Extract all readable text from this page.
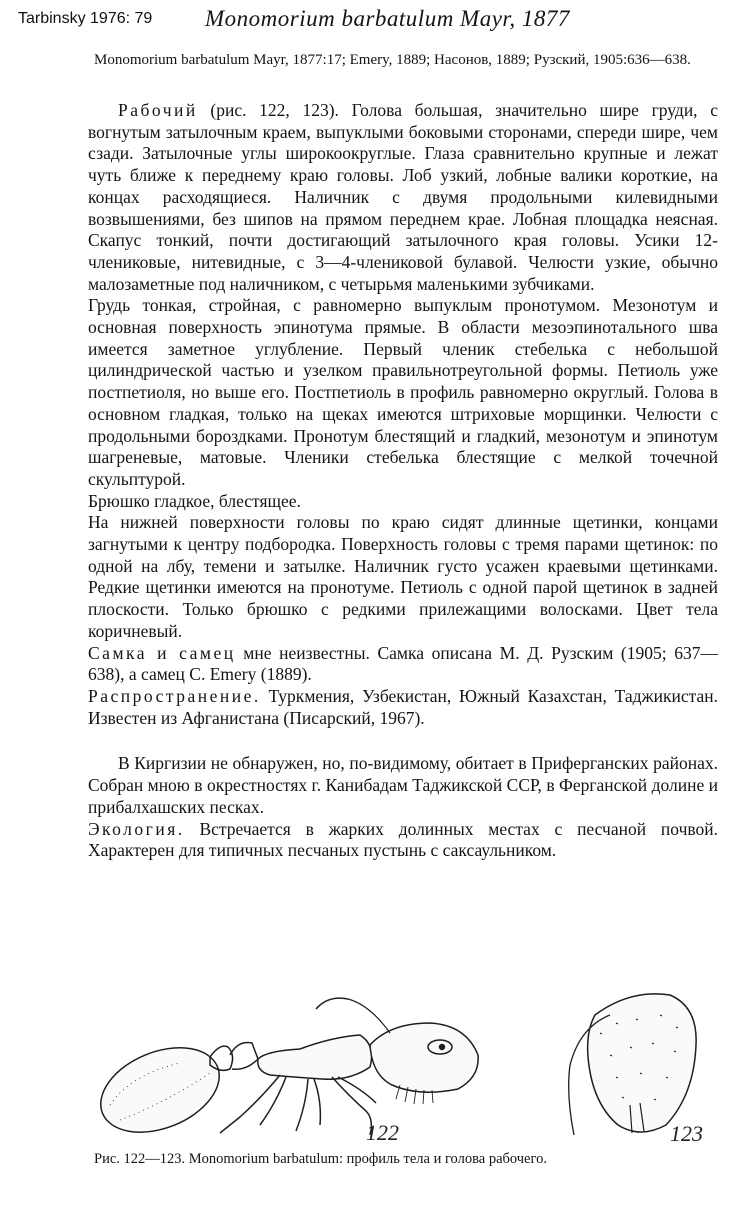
Tarbinsky 1976: 79 Monomorium barbatulum Mayr, 1877
Monomorium barbatulum Mayr, 1877:17; Emery, 1889; Насонов, 1889; Рузский, 1905:636—638.

Рабочий (рис. 122, 123). Голова большая, значительно шире груди, с вогнутым затылочным краем, выпуклыми боковыми сторонами, спереди шире, чем сзади. Затылочные углы широкоокруглые. Глаза сравнительно крупные и лежат чуть ближе к переднему краю головы. Лоб узкий, лобные валики короткие, на концах расходящиеся. Наличник с двумя продольными килевидными возвышениями, без шипов на прямом переднем крае. Лобная площадка неясная. Скапус тонкий, почти достигающий затылочного края головы. Усики 12-члениковые, нитевидные, с 3—4-члениковой булавой. Челюсти узкие, обычно малозаметные под наличником, с четырьмя маленькими зубчиками.

Грудь тонкая, стройная, с равномерно выпуклым пронотумом. Мезонотум и основная поверхность эпинотума прямые. В области мезоэпинотального шва имеется заметное углубление. Первый членик стебелька с небольшой цилиндрической частью и узелком правильнотреугольной формы. Петиоль уже постпетиоля, но выше его. Постпетиоль в профиль равномерно округлый. Голова в основном гладкая, только на щеках имеются штриховые морщинки. Челюсти с продольными бороздками. Пронотум блестящий и гладкий, мезонотум и эпинотум шагреневые, матовые. Членики стебелька блестящие с мелкой точечной скульптурой.

Брюшко гладкое, блестящее.

На нижней поверхности головы по краю сидят длинные щетинки, концами загнутыми к центру подбородка. Поверхность головы с тремя парами щетинок: по одной на лбу, темени и затылке. Наличник густо усажен краевыми щетинками. Редкие щетинки имеются на пронотуме. Петиоль с одной парой щетинок в задней плоскости. Только брюшко с редкими прилежащими волосками. Цвет тела коричневый.

Самка и самец мне неизвестны. Самка описана М. Д. Рузским (1905; 637—638), а самец C. Emery (1889).

Распространение. Туркмения, Узбекистан, Южный Казахстан, Таджикистан. Известен из Афганистана (Писарский, 1967).

В Киргизии не обнаружен, но, по-видимому, обитает в Приферганских районах. Собран мною в окрестностях г. Канибадам Таджикской ССР, в Ферганской долине и прибалхашских песках.

Экология. Встречается в жарких долинных местах с песчаной почвой. Характерен для типичных песчаных пустынь с саксаульником.

122	123
Рис. 122—123. Monomorium barbatulum: профиль тела и голова рабочего.
